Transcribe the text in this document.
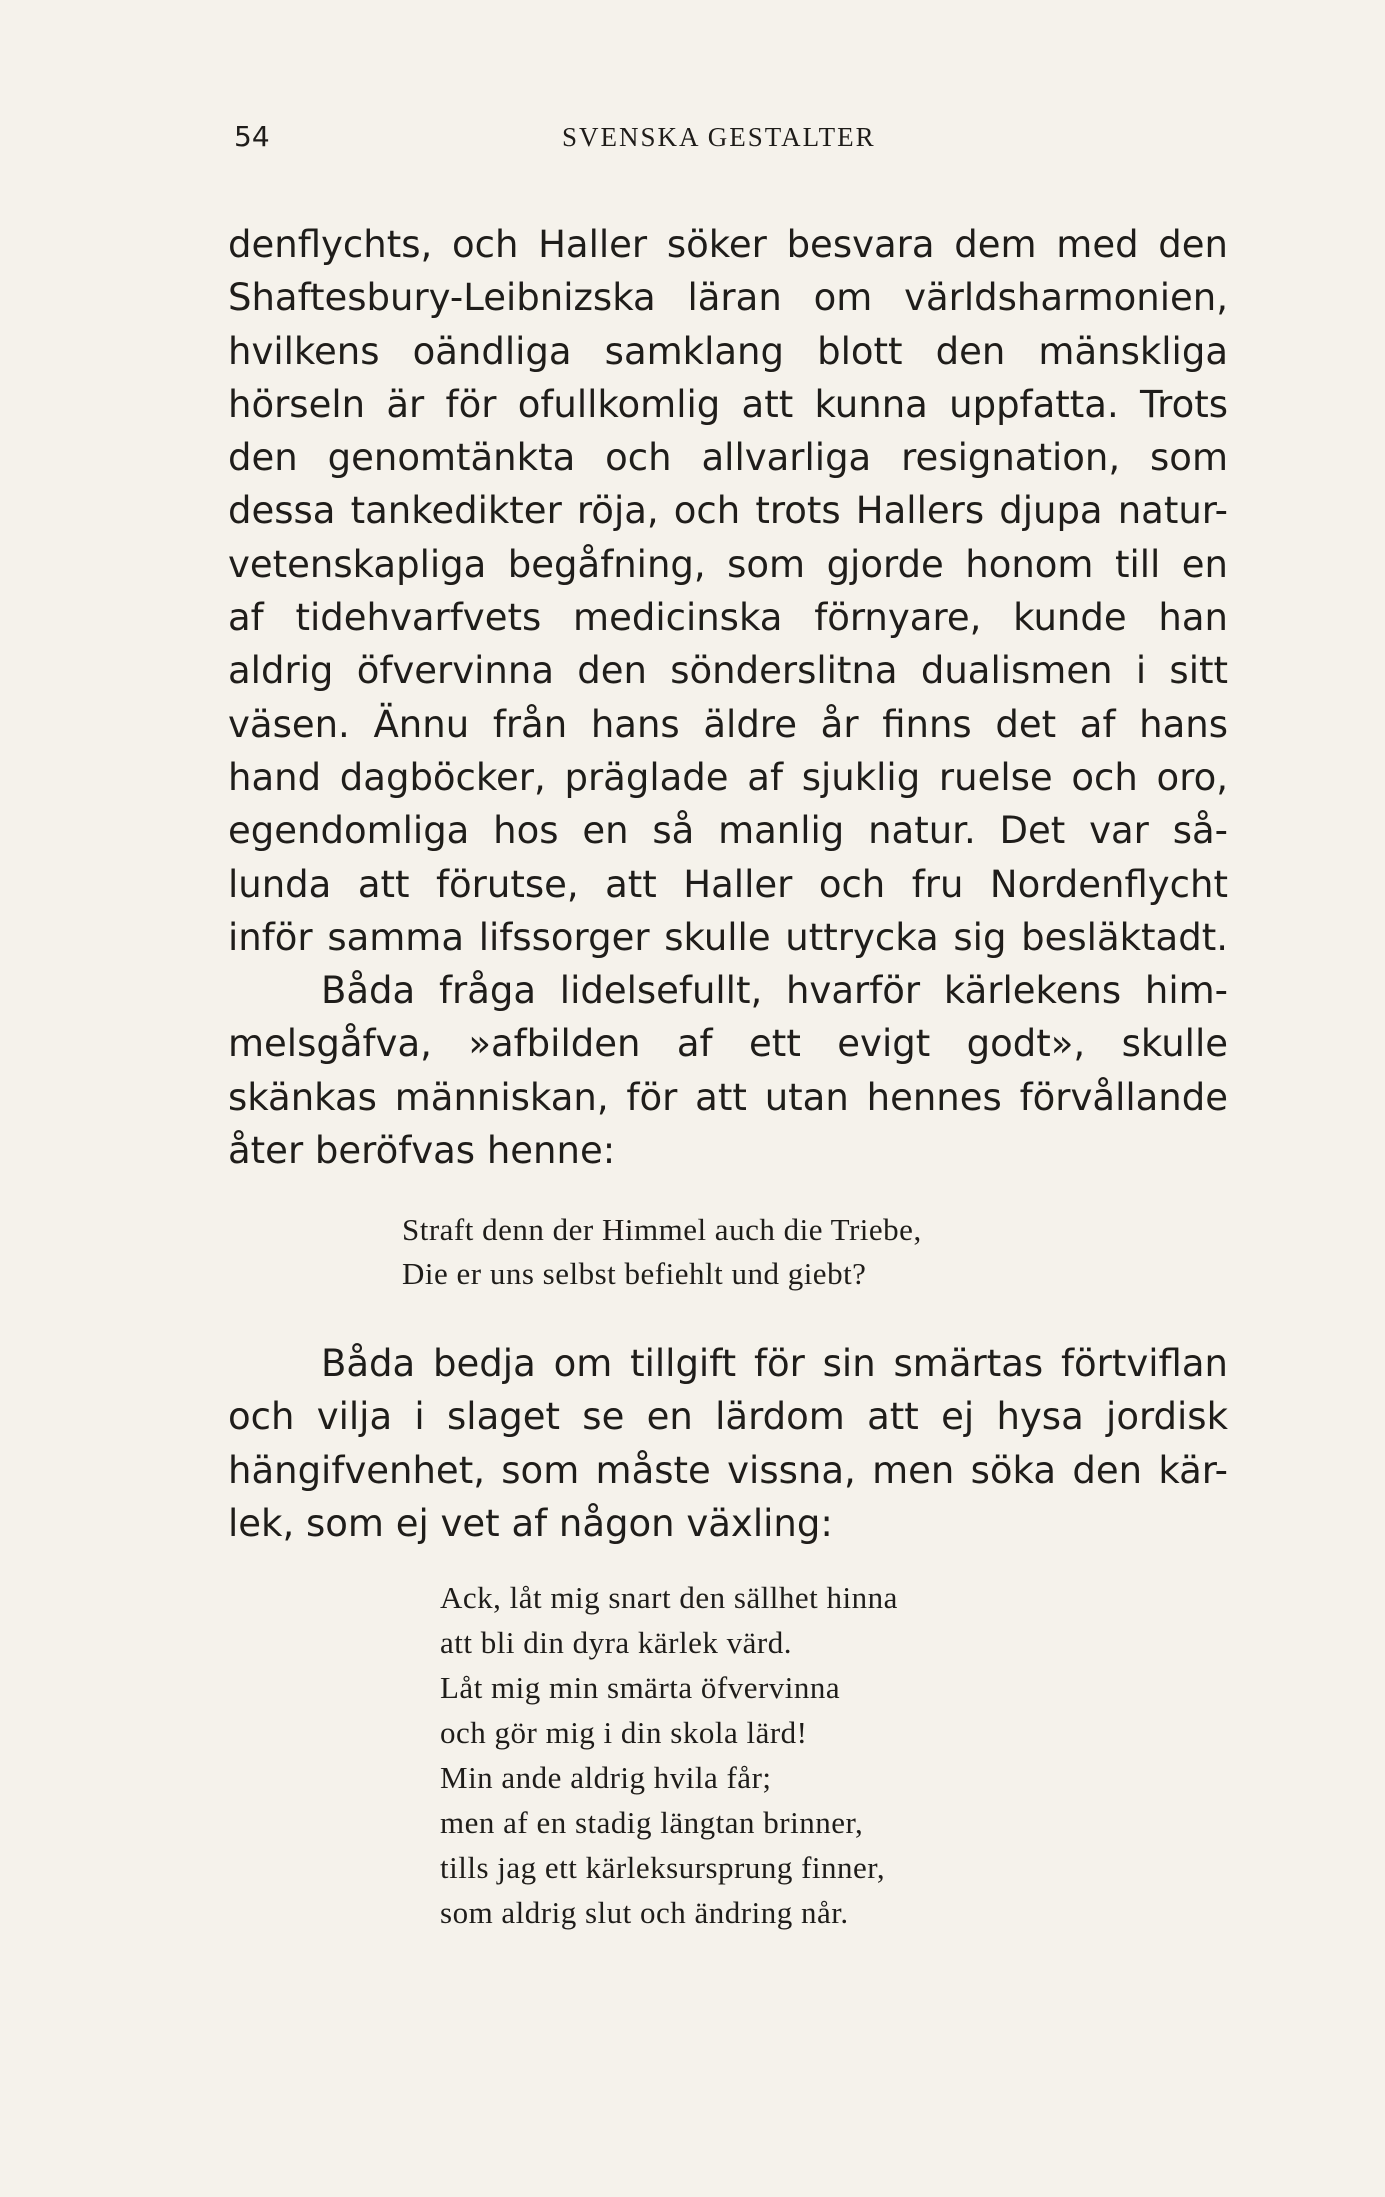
54	SVENSKA GESTALTER
denflychts, och Haller söker besvara dem med den
Shaftesbury-Leibnizska läran om världsharmonien,
hvilkens oändliga samklang blott den mänskliga
hörseln är för ofullkomlig att kunna uppfatta. Trots
den genomtänkta och allvarliga resignation, som
dessa tankedikter röja, och trots Hallers djupa natur-
vetenskapliga begåfning, som gjorde honom till en
af tidehvarfvets medicinska förnyare, kunde han
aldrig öfvervinna den sönderslitna dualismen i sitt
väsen. Ännu från hans äldre år finns det af hans
hand dagböcker, präglade af sjuklig ruelse och oro,
egendomliga hos en så manlig natur. Det var så-
lunda att förutse, att Haller och fru Nordenflycht
inför samma lifssorger skulle uttrycka sig besläktadt.
Båda fråga lidelsefullt, hvarför kärlekens him-
melsgåfva, »afbilden af ett evigt godt», skulle
skänkas människan, för att utan hennes förvållande
åter beröfvas henne:
Straft denn der Himmel auch die Triebe,
Die er uns selbst befiehlt und giebt?
Båda bedja om tillgift för sin smärtas förtviflan
och vilja i slaget se en lärdom att ej hysa jordisk
hängifvenhet, som måste vissna, men söka den kär-
lek, som ej vet af någon växling:
Ack, låt mig snart den sällhet hinna
att bli din dyra kärlek värd.
Låt mig min smärta öfvervinna
och gör mig i din skola lärd!
Min ande aldrig hvila får;
men af en stadig längtan brinner,
tills jag ett kärleksursprung finner,
som aldrig slut och ändring når.
